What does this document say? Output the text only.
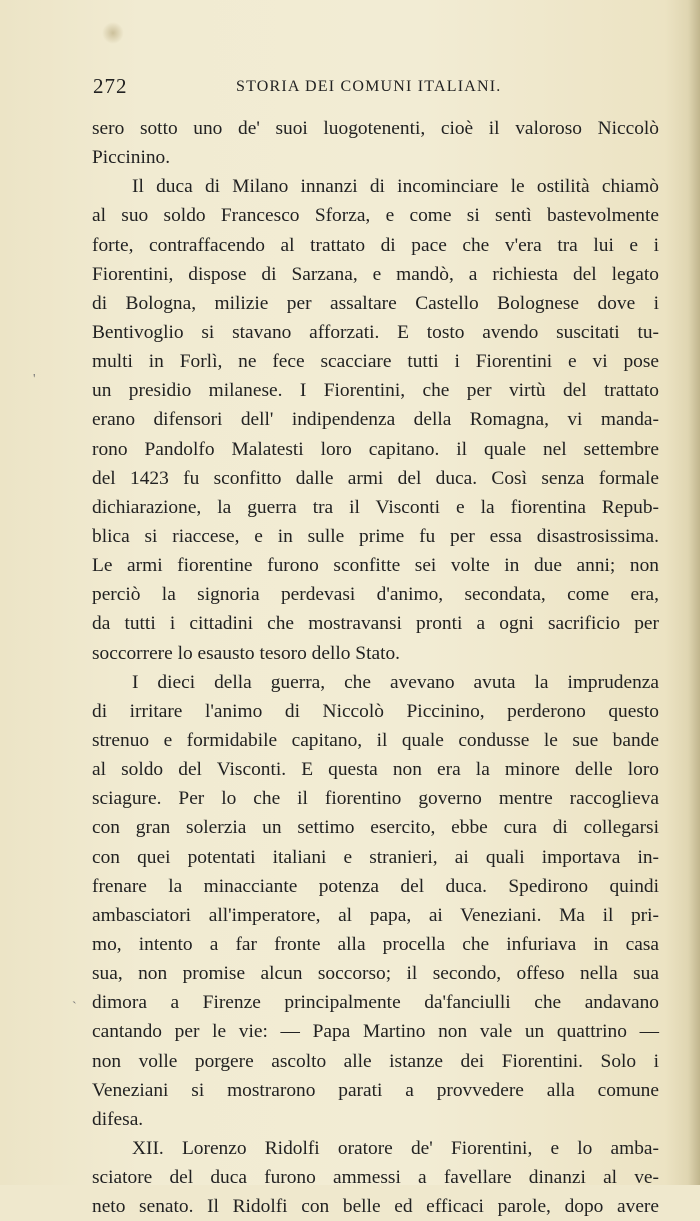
272	STORIA DEI COMUNI ITALIANI.
'
`
sero sotto uno de' suoi luogotenenti, cioè il valoroso Niccolò
Piccinino.
Il duca di Milano innanzi di incominciare le ostilità chiamò
al suo soldo Francesco Sforza, e come si sentì bastevolmente
forte, contraffacendo al trattato di pace che v'era tra lui e i
Fiorentini, dispose di Sarzana, e mandò, a richiesta del legato
di Bologna, milizie per assaltare Castello Bolognese dove i
Bentivoglio si stavano afforzati. E tosto avendo suscitati tu-
multi in Forlì, ne fece scacciare tutti i Fiorentini e vi pose
un presidio milanese. I Fiorentini, che per virtù del trattato
erano difensori dell' indipendenza della Romagna, vi manda-
rono Pandolfo Malatesti loro capitano. il quale nel settembre
del 1423 fu sconfitto dalle armi del duca. Così senza formale
dichiarazione, la guerra tra il Visconti e la fiorentina Repub-
blica si riaccese, e in sulle prime fu per essa disastrosissima.
Le armi fiorentine furono sconfitte sei volte in due anni; non
perciò la signoria perdevasi d'animo, secondata, come era,
da tutti i cittadini che mostravansi pronti a ogni sacrificio per
soccorrere lo esausto tesoro dello Stato.
I dieci della guerra, che avevano avuta la imprudenza
di irritare l'animo di Niccolò Piccinino, perderono questo
strenuo e formidabile capitano, il quale condusse le sue bande
al soldo del Visconti. E questa non era la minore delle loro
sciagure. Per lo che il fiorentino governo mentre raccoglieva
con gran solerzia un settimo esercito, ebbe cura di collegarsi
con quei potentati italiani e stranieri, ai quali importava in-
frenare la minacciante potenza del duca. Spedirono quindi
ambasciatori all'imperatore, al papa, ai Veneziani. Ma il pri-
mo, intento a far fronte alla procella che infuriava in casa
sua, non promise alcun soccorso; il secondo, offeso nella sua
dimora a Firenze principalmente da'fanciulli che andavano
cantando per le vie: — Papa Martino non vale un quattrino —
non volle porgere ascolto alle istanze dei Fiorentini. Solo i
Veneziani si mostrarono parati a provvedere alla comune
difesa.
XII. Lorenzo Ridolfi oratore de' Fiorentini, e lo amba-
sciatore del duca furono ammessi a favellare dinanzi al ve-
neto senato. Il Ridolfi con belle ed efficaci parole, dopo avere
